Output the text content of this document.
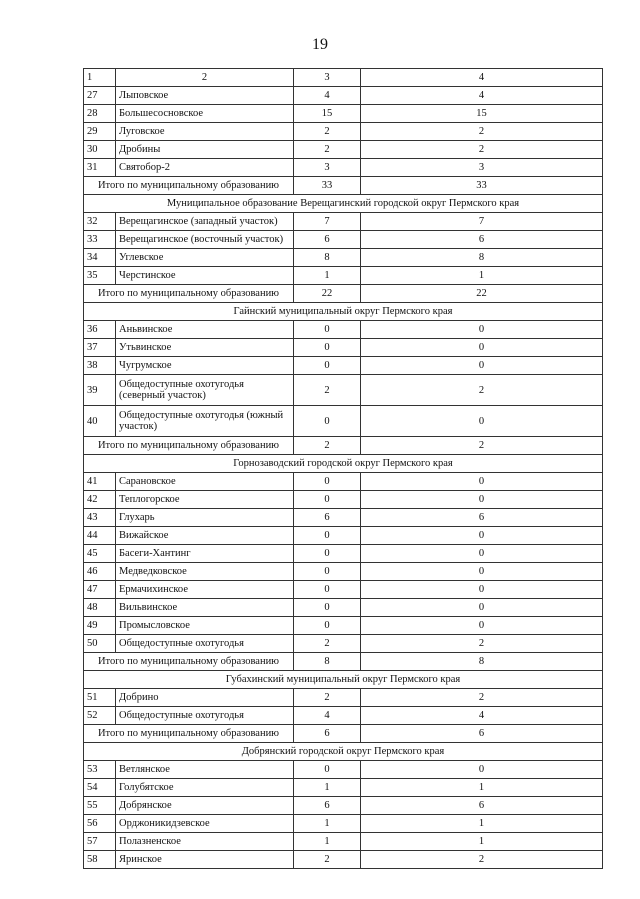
19
1	2	3	4
27	Лыповское	4	4
28	Большесосновское	15	15
29	Луговское	2	2
30	Дробины	2	2
31	Святобор-2	3	3
Итого по муниципальному образованию		33	33
Муниципальное образование Верещагинский городской округ Пермского края			
32	Верещагинское (западный участок)	7	7
33	Верещагинское (восточный участок)	6	6
34	Углевское	8	8
35	Черстинское	1	1
Итого по муниципальному образованию		22	22
Гайнский муниципальный округ Пермского края			
36	Аньвинское	0	0
37	Утьвинское	0	0
38	Чугрумское	0	0
39	Общедоступные охотугодья (северный участок)	2	2
40	Общедоступные охотугодья (южный участок)	0	0
Итого по муниципальному образованию		2	2
Горнозаводский городской округ Пермского края			
41	Сарановское	0	0
42	Теплогорское	0	0
43	Глухарь	6	6
44	Вижайское	0	0
45	Басеги-Хантинг	0	0
46	Медведковское	0	0
47	Ермачихинское	0	0
48	Вильвинское	0	0
49	Промысловское	0	0
50	Общедоступные охотугодья	2	2
Итого по муниципальному образованию		8	8
Губахинский муниципальный округ Пермского края			
51	Добрино	2	2
52	Общедоступные охотугодья	4	4
Итого по муниципальному образованию		6	6
Добрянский городской округ Пермского края			
53	Ветлянское	0	0
54	Голубятское	1	1
55	Добрянское	6	6
56	Орджоникидзевское	1	1
57	Полазненское	1	1
58	Яринское	2	2
